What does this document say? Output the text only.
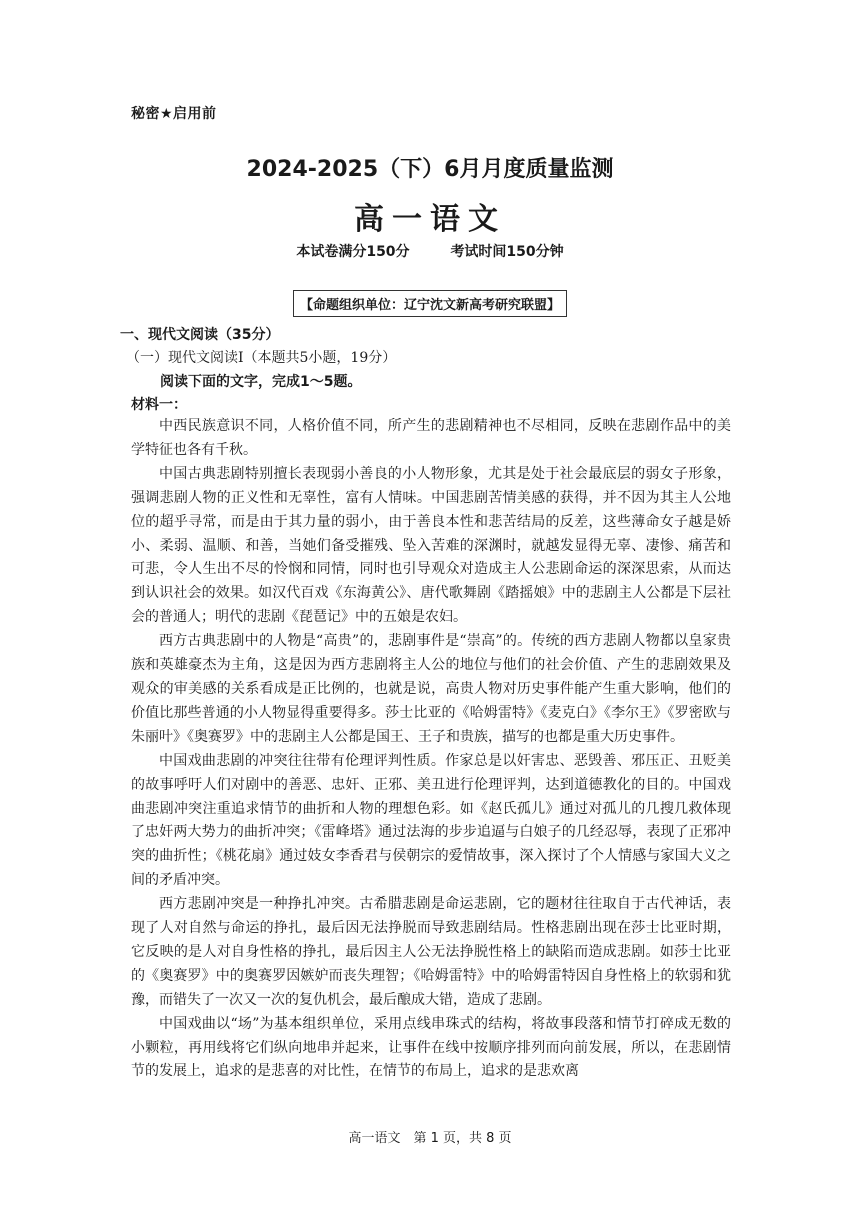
秘密★启用前
2024-2025（下）6月月度质量监测
高一语文
本试卷满分150分	考试时间150分钟
【命题组织单位：辽宁沈文新高考研究联盟】
一、现代文阅读（35分）
（一）现代文阅读Ⅰ（本题共5小题，19分）
阅读下面的文字，完成1～5题。
材料一：

中西民族意识不同，人格价值不同，所产生的悲剧精神也不尽相同，反映在悲剧作品中的美学特征也各有千秋。

中国古典悲剧特别擅长表现弱小善良的小人物形象，尤其是处于社会最底层的弱女子形象，强调悲剧人物的正义性和无辜性，富有人情味。中国悲剧苦情美感的获得，并不因为其主人公地位的超乎寻常，而是由于其力量的弱小，由于善良本性和悲苦结局的反差，这些薄命女子越是娇小、柔弱、温顺、和善，当她们备受摧残、坠入苦难的深渊时，就越发显得无辜、凄惨、痛苦和可悲，令人生出不尽的怜悯和同情，同时也引导观众对造成主人公悲剧命运的深深思索，从而达到认识社会的效果。如汉代百戏《东海黄公》、唐代歌舞剧《踏摇娘》中的悲剧主人公都是下层社会的普通人；明代的悲剧《琵琶记》中的五娘是农妇。

西方古典悲剧中的人物是“高贵”的，悲剧事件是“崇高”的。传统的西方悲剧人物都以皇家贵族和英雄豪杰为主角，这是因为西方悲剧将主人公的地位与他们的社会价值、产生的悲剧效果及观众的审美感的关系看成是正比例的，也就是说，高贵人物对历史事件能产生重大影响，他们的价值比那些普通的小人物显得重要得多。莎士比亚的《哈姆雷特》《麦克白》《李尔王》《罗密欧与朱丽叶》《奥赛罗》中的悲剧主人公都是国王、王子和贵族，描写的也都是重大历史事件。

中国戏曲悲剧的冲突往往带有伦理评判性质。作家总是以奸害忠、恶毁善、邪压正、丑贬美的故事呼吁人们对剧中的善恶、忠奸、正邪、美丑进行伦理评判，达到道德教化的目的。中国戏曲悲剧冲突注重追求情节的曲折和人物的理想色彩。如《赵氏孤儿》通过对孤儿的几搜几救体现了忠奸两大势力的曲折冲突；《雷峰塔》通过法海的步步追逼与白娘子的几经忍辱，表现了正邪冲突的曲折性；《桃花扇》通过妓女李香君与侯朝宗的爱情故事，深入探讨了个人情感与家国大义之间的矛盾冲突。

西方悲剧冲突是一种挣扎冲突。古希腊悲剧是命运悲剧，它的题材往往取自于古代神话，表现了人对自然与命运的挣扎，最后因无法挣脱而导致悲剧结局。性格悲剧出现在莎士比亚时期，它反映的是人对自身性格的挣扎，最后因主人公无法挣脱性格上的缺陷而造成悲剧。如莎士比亚的《奥赛罗》中的奥赛罗因嫉妒而丧失理智；《哈姆雷特》中的哈姆雷特因自身性格上的软弱和犹豫，而错失了一次又一次的复仇机会，最后酿成大错，造成了悲剧。

中国戏曲以“场”为基本组织单位，采用点线串珠式的结构，将故事段落和情节打碎成无数的小颗粒，再用线将它们纵向地串并起来，让事件在线中按顺序排列而向前发展，所以，在悲剧情节的发展上，追求的是悲喜的对比性，在情节的布局上，追求的是悲欢离

高一语文　第 1 页，共 8 页
